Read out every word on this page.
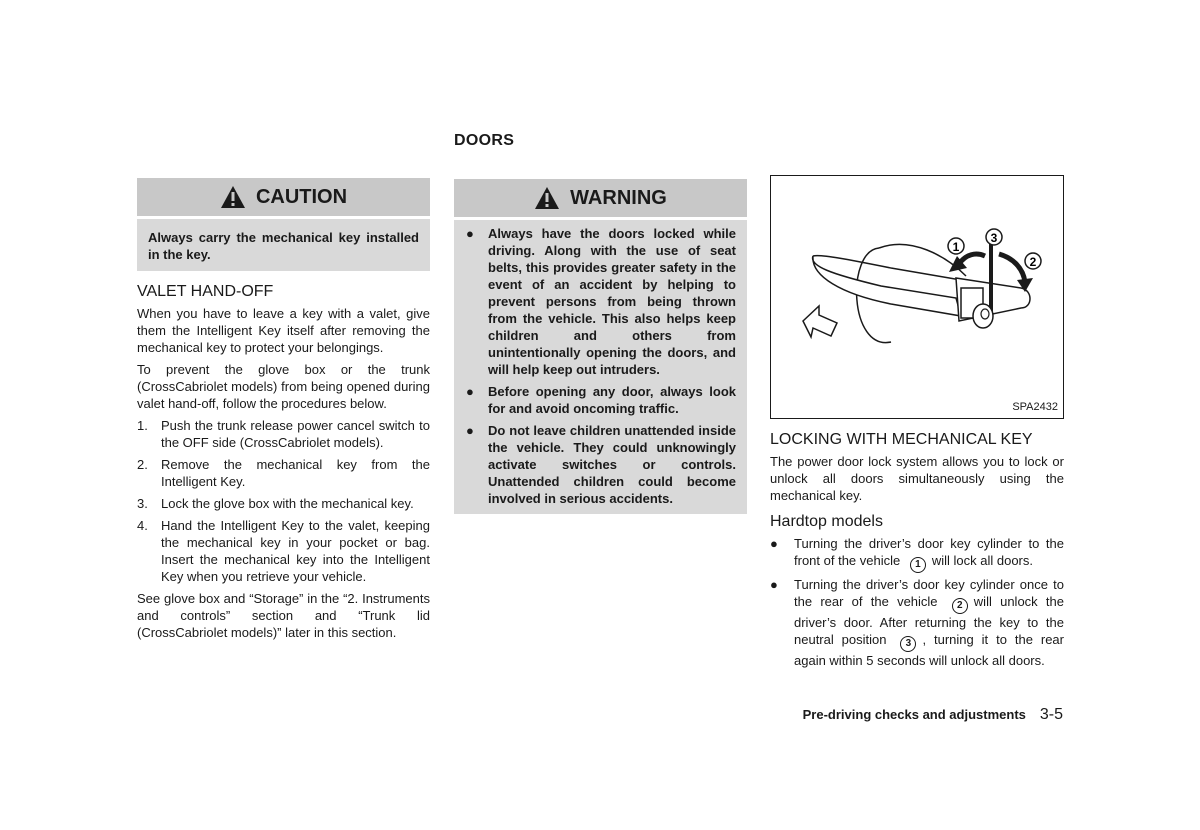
DOORS
CAUTION
Always carry the mechanical key installed in the key.
VALET HAND-OFF

When you have to leave a key with a valet, give them the Intelligent Key itself after removing the mechanical key to protect your belongings.

To prevent the glove box or the trunk (CrossCabriolet models) from being opened during valet hand-off, follow the procedures below.

1. Push the trunk release power cancel switch to the OFF side (CrossCabriolet models).
2. Remove the mechanical key from the Intelligent Key.
3. Lock the glove box with the mechanical key.
4. Hand the Intelligent Key to the valet, keeping the mechanical key in your pocket or bag. Insert the mechanical key into the Intelligent Key when you retrieve your vehicle.

See glove box and “Storage” in the “2. Instruments and controls” section and “Trunk lid (CrossCabriolet models)” later in this section.

WARNING
● Always have the doors locked while driving. Along with the use of seat belts, this provides greater safety in the event of an accident by helping to prevent persons from being thrown from the vehicle. This also helps keep children and others from unintentionally opening the doors, and will help keep out intruders.
● Before opening any door, always look for and avoid oncoming traffic.
● Do not leave children unattended inside the vehicle. They could unknowingly activate switches or controls. Unattended children could become involved in serious accidents.
1
3
2
SPA2432
LOCKING WITH MECHANICAL KEY

The power door lock system allows you to lock or unlock all doors simultaneously using the mechanical key.

Hardtop models
● Turning the driver’s door key cylinder to the front of the vehicle 1 will lock all doors.
● Turning the driver’s door key cylinder once to the rear of the vehicle 2 will unlock the driver’s door. After returning the key to the neutral position 3 , turning it to the rear again within 5 seconds will unlock all doors.
Pre-driving checks and adjustments 3-5
